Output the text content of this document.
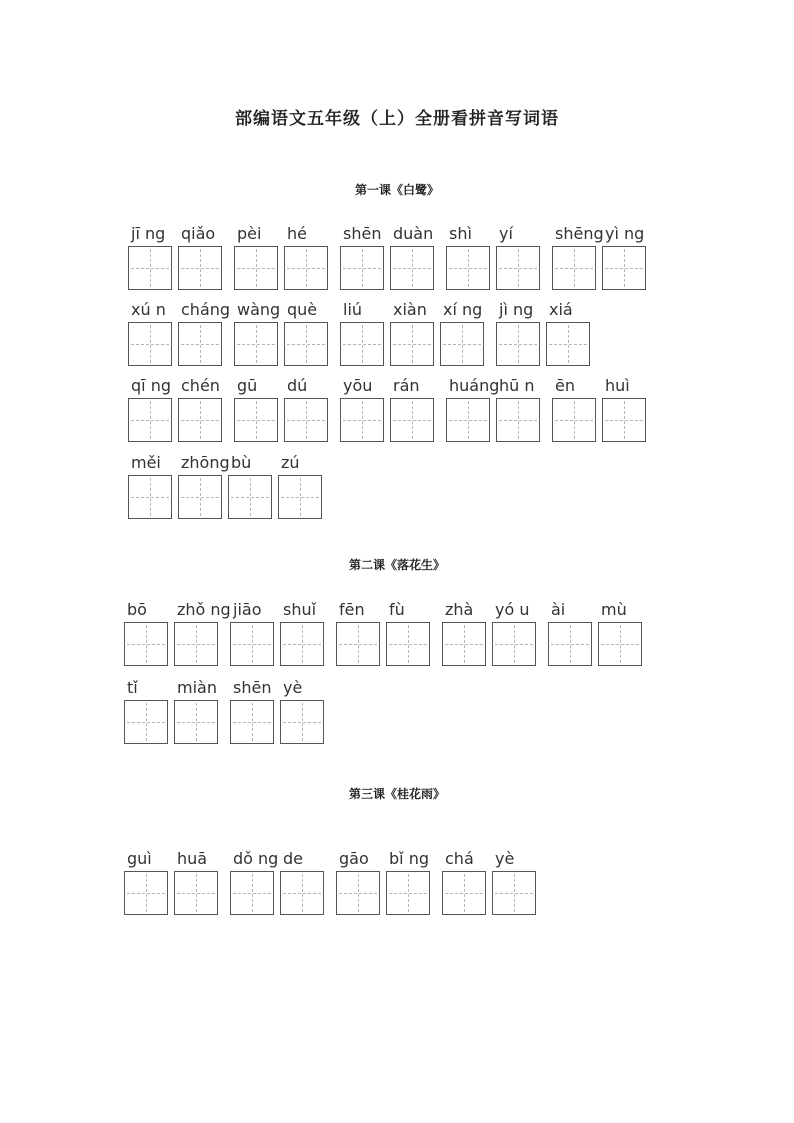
部编语文五年级（上）全册看拼音写词语
第一课《白鹭》
jī ng qiǎo pèi hé shēn duàn shì yí	shēng yì ng
xú n cháng wàng què liú xiàn xí ng jì ng xiá
qī ng chén gū dú yōu rán huáng hū n ēn huì
měi zhōng bù zú
第二课《落花生》
bō zhǒ ng jiāo shuǐ fēn fù	zhà yó u ài mù
tǐ miàn shēn yè
第三课《桂花雨》
guì huā dǒ ng de gāo bǐ ng chá yè
